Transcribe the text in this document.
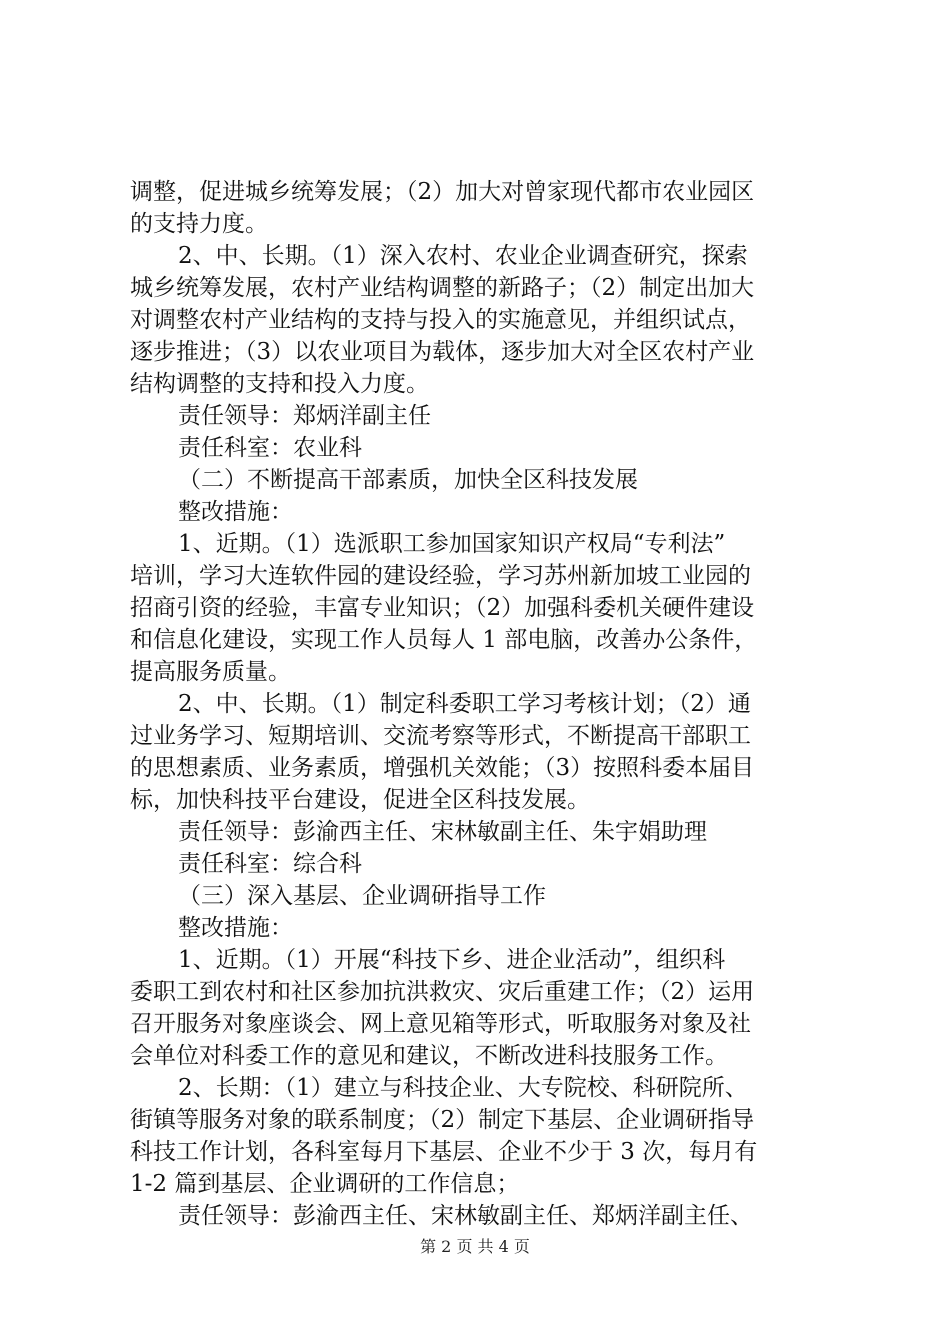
调整，促进城乡统筹发展；（2）加大对曾家现代都市农业园区
的支持力度。
2、中、长期。（1）深入农村、农业企业调查研究，探索
城乡统筹发展，农村产业结构调整的新路子；（2）制定出加大
对调整农村产业结构的支持与投入的实施意见，并组织试点，
逐步推进；（3）以农业项目为载体，逐步加大对全区农村产业
结构调整的支持和投入力度。
责任领导：郑炳洋副主任
责任科室：农业科
（二）不断提高干部素质，加快全区科技发展
整改措施：
1、近期。（1）选派职工参加国家知识产权局“专利法”
培训，学习大连软件园的建设经验，学习苏州新加坡工业园的
招商引资的经验，丰富专业知识；（2）加强科委机关硬件建设
和信息化建设，实现工作人员每人 1 部电脑，改善办公条件，
提高服务质量。
2、中、长期。（1）制定科委职工学习考核计划；（2）通
过业务学习、短期培训、交流考察等形式，不断提高干部职工
的思想素质、业务素质，增强机关效能；（3）按照科委本届目
标，加快科技平台建设，促进全区科技发展。
责任领导：彭渝西主任、宋林敏副主任、朱宇娟助理
责任科室：综合科
（三）深入基层、企业调研指导工作
整改措施：
1、近期。（1）开展“科技下乡、进企业活动”，组织科
委职工到农村和社区参加抗洪救灾、灾后重建工作；（2）运用
召开服务对象座谈会、网上意见箱等形式，听取服务对象及社
会单位对科委工作的意见和建议，不断改进科技服务工作。
2、长期：（1）建立与科技企业、大专院校、科研院所、
街镇等服务对象的联系制度；（2）制定下基层、企业调研指导
科技工作计划，各科室每月下基层、企业不少于 3 次，每月有
1-2 篇到基层、企业调研的工作信息；
责任领导：彭渝西主任、宋林敏副主任、郑炳洋副主任、
第 2 页 共 4 页
